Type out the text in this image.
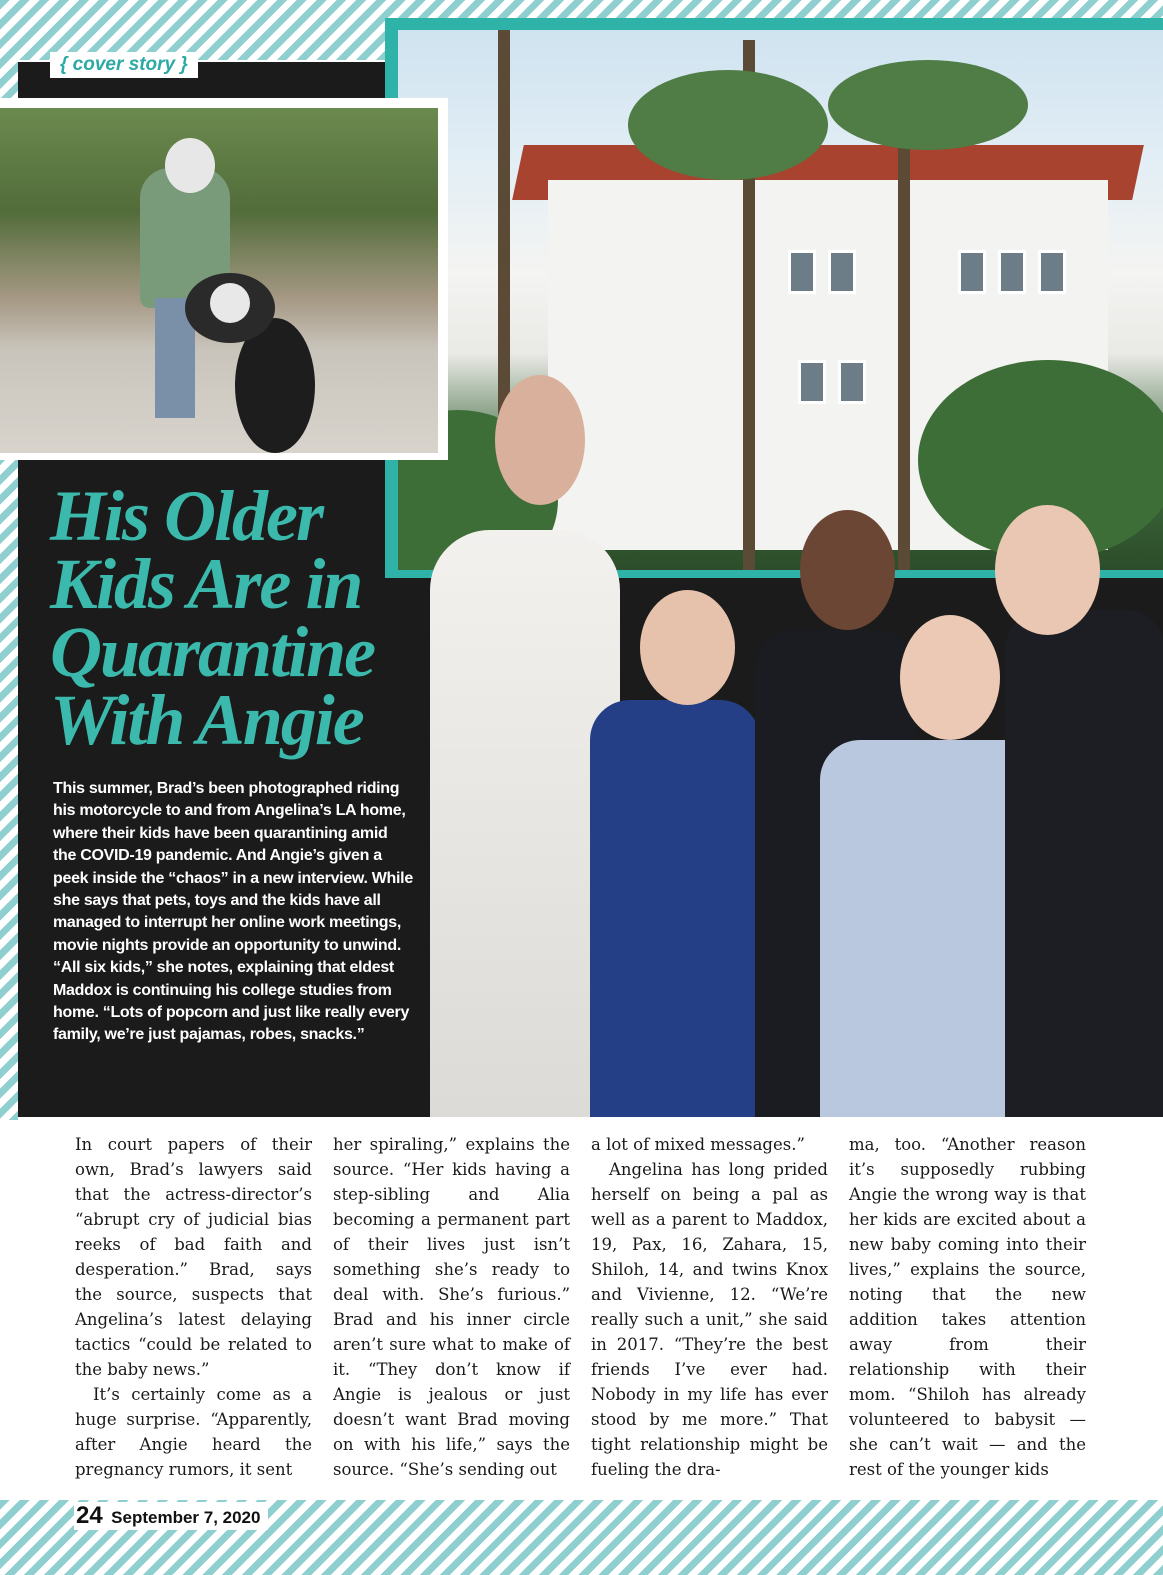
{ cover story }
His Older
Kids Are in
Quarantine
With Angie
This summer, Brad’s been photographed riding his motorcycle to and from Angelina’s LA home, where their kids have been quarantining amid the COVID-19 pandemic. And Angie’s given a peek inside the “chaos” in a new interview. While she says that pets, toys and the kids have all managed to interrupt her online work meetings, movie nights provide an opportunity to unwind. “All six kids,” she notes, explaining that eldest Maddox is continuing his college studies from home. “Lots of popcorn and just like really every family, we’re just pajamas, robes, snacks.”

In court papers of their own, Brad’s lawyers said that the actress-director’s “abrupt cry of judicial bias reeks of bad faith and desperation.” Brad, says the source, suspects that Angelina’s latest delaying tactics “could be related to the baby news.”

It’s certainly come as a huge surprise. “Apparently, after Angie heard the pregnancy rumors, it sent

her spiraling,” explains the source. “Her kids having a step-sibling and Alia becoming a permanent part of their lives just isn’t something she’s ready to deal with. She’s furious.” Brad and his inner circle aren’t sure what to make of it. “They don’t know if Angie is jealous or just doesn’t want Brad moving on with his life,” says the source. “She’s sending out

a lot of mixed messages.”

Angelina has long prided herself on being a pal as well as a parent to Maddox, 19, Pax, 16, Zahara, 15, Shiloh, 14, and twins Knox and Vivienne, 12. “We’re really such a unit,” she said in 2017. “They’re the best friends I’ve ever had. Nobody in my life has ever stood by me more.” That tight relationship might be fueling the dra-

ma, too. “Another reason it’s supposedly rubbing Angie the wrong way is that her kids are excited about a new baby coming into their lives,” explains the source, noting that the new addition takes attention away from their relationship with their mom. “Shiloh has already volunteered to babysit — she can’t wait — and the rest of the younger kids

24 September 7, 2020
